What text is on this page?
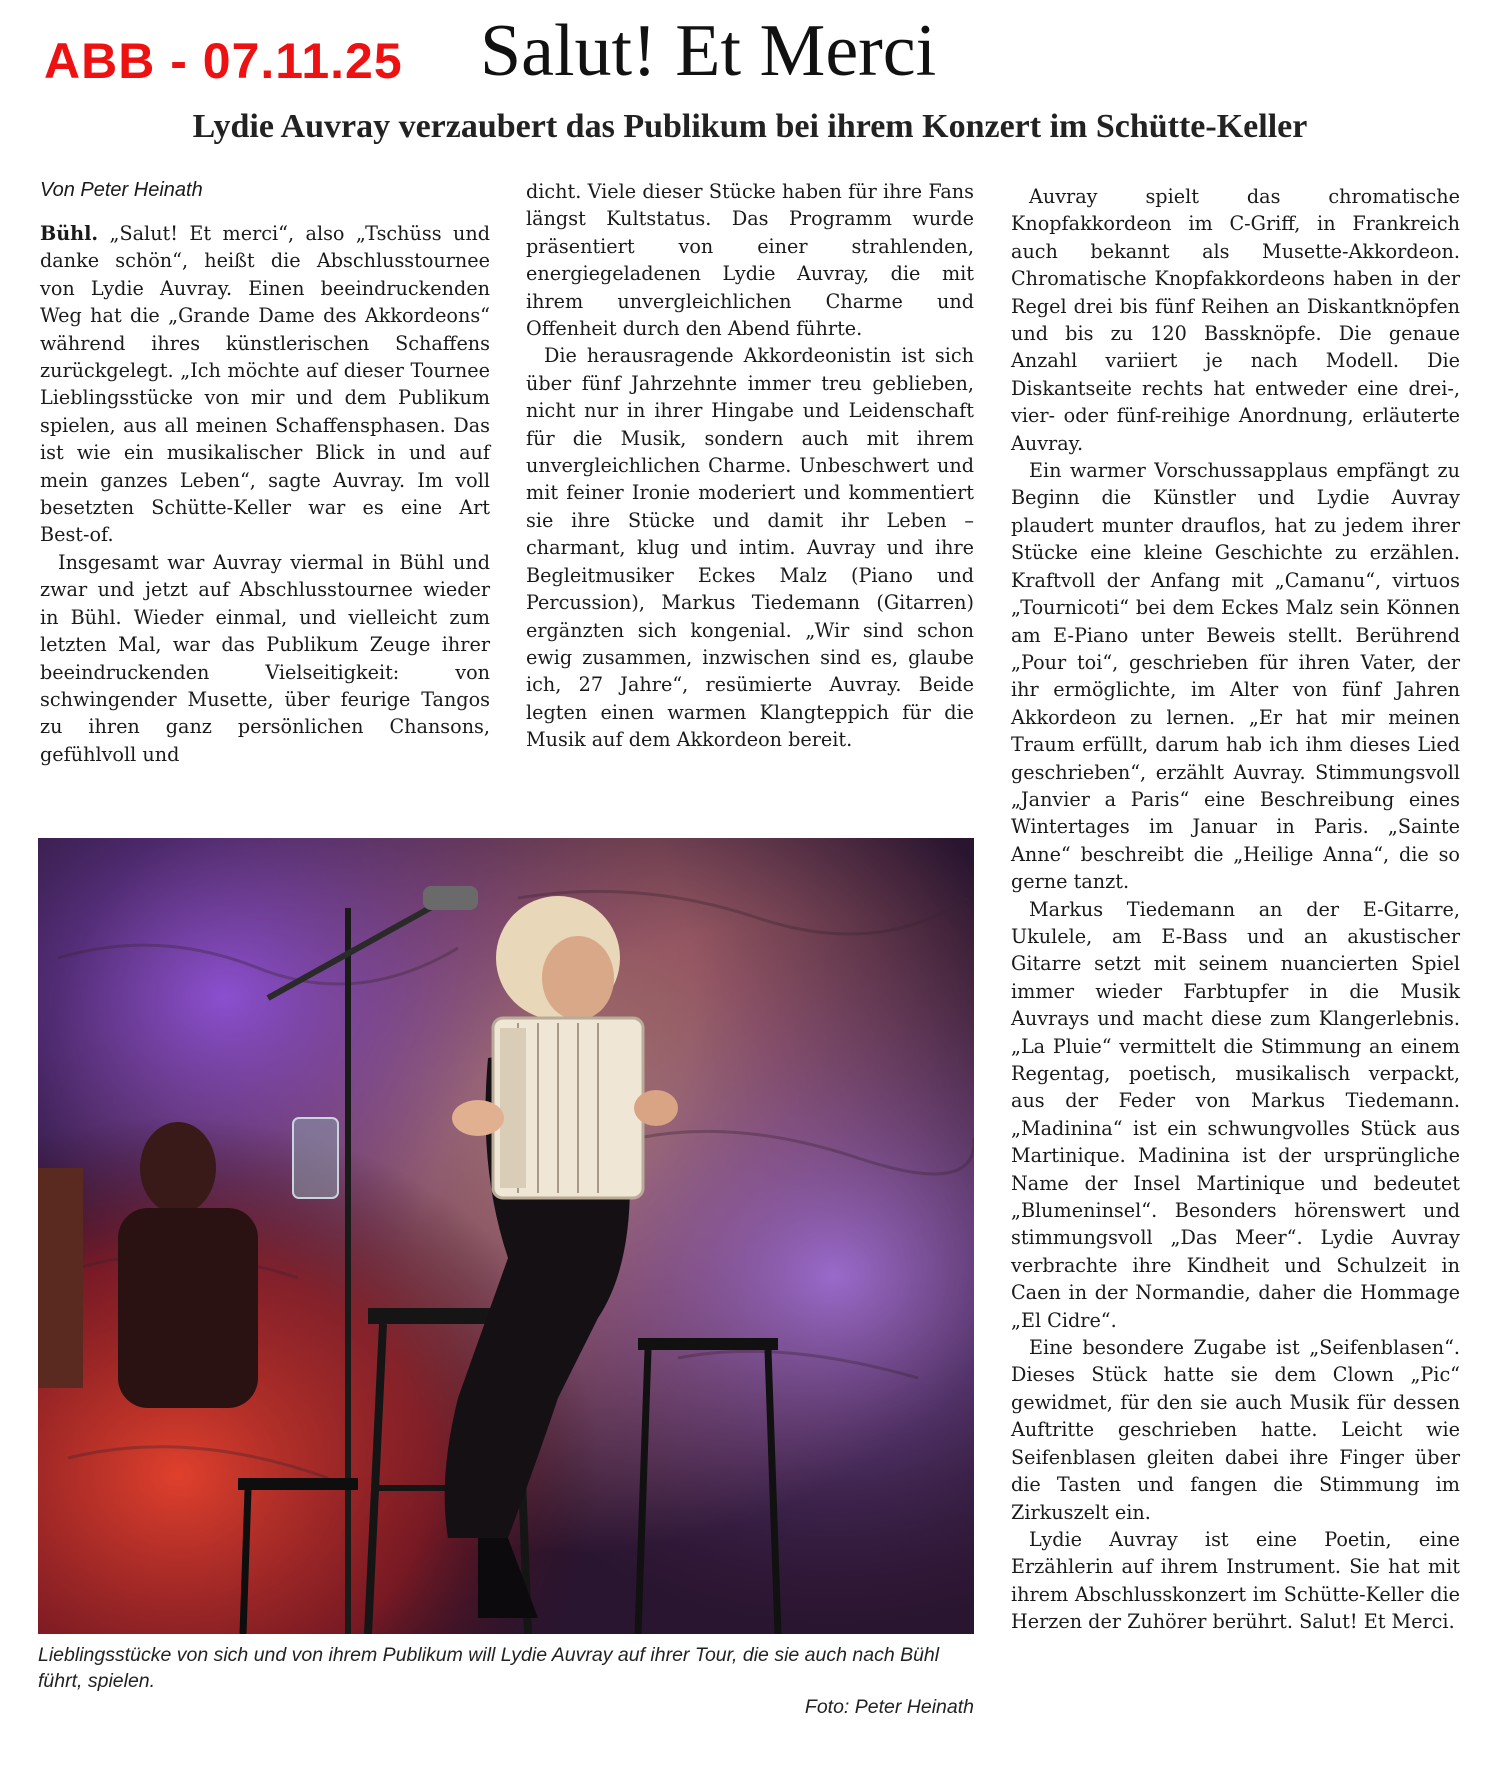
ABB - 07.11.25 Salut! Et Merci
Lydie Auvray verzaubert das Publikum bei ihrem Konzert im Schütte-Keller

Von Peter Heinath

Bühl. „Salut! Et merci“, also „Tschüss und danke schön“, heißt die Abschlusstournee von Lydie Auvray. Einen beeindruckenden Weg hat die „Grande Dame des Akkordeons“ während ihres künstlerischen Schaffens zurückgelegt. „Ich möchte auf dieser Tournee Lieblingsstücke von mir und dem Publikum spielen, aus all meinen Schaffensphasen. Das ist wie ein musikalischer Blick in und auf mein ganzes Leben“, sagte Auvray. Im voll besetzten Schütte-Keller war es eine Art Best-of.

Insgesamt war Auvray viermal in Bühl und zwar und jetzt auf Abschlusstournee wieder in Bühl. Wieder einmal, und vielleicht zum letzten Mal, war das Publikum Zeuge ihrer beeindruckenden Vielseitigkeit: von schwingender Musette, über feurige Tangos zu ihren ganz persönlichen Chansons, gefühlvoll und

dicht. Viele dieser Stücke haben für ihre Fans längst Kultstatus. Das Programm wurde präsentiert von einer strahlenden, energiegeladenen Lydie Auvray, die mit ihrem unvergleichlichen Charme und Offenheit durch den Abend führte.

Die herausragende Akkordeonistin ist sich über fünf Jahrzehnte immer treu geblieben, nicht nur in ihrer Hingabe und Leidenschaft für die Musik, sondern auch mit ihrem unvergleichlichen Charme. Unbeschwert und mit feiner Ironie moderiert und kommentiert sie ihre Stücke und damit ihr Leben – charmant, klug und intim. Auvray und ihre Begleitmusiker Eckes Malz (Piano und Percussion), Markus Tiedemann (Gitarren) ergänzten sich kongenial. „Wir sind schon ewig zusammen, inzwischen sind es, glaube ich, 27 Jahre“, resümierte Auvray. Beide legten einen warmen Klangteppich für die Musik auf dem Akkordeon bereit.

Auvray spielt das chromatische Knopfakkordeon im C-Griff, in Frankreich auch bekannt als Musette-Akkordeon. Chromatische Knopfakkordeons haben in der Regel drei bis fünf Reihen an Diskantknöpfen und bis zu 120 Bassknöpfe. Die genaue Anzahl variiert je nach Modell. Die Diskantseite rechts hat entweder eine drei-, vier- oder fünf-reihige Anordnung, erläuterte Auvray.

Ein warmer Vorschussapplaus empfängt zu Beginn die Künstler und Lydie Auvray plaudert munter drauflos, hat zu jedem ihrer Stücke eine kleine Geschichte zu erzählen. Kraftvoll der Anfang mit „Camanu“, virtuos „Tournicoti“ bei dem Eckes Malz sein Können am E-Piano unter Beweis stellt. Berührend „Pour toi“, geschrieben für ihren Vater, der ihr ermöglichte, im Alter von fünf Jahren Akkordeon zu lernen. „Er hat mir meinen Traum erfüllt, darum hab ich ihm dieses Lied geschrieben“, erzählt Auvray. Stimmungsvoll „Janvier a Paris“ eine Beschreibung eines Wintertages im Januar in Paris. „Sainte Anne“ beschreibt die „Heilige Anna“, die so gerne tanzt.

Markus Tiedemann an der E-Gitarre, Ukulele, am E-Bass und an akustischer Gitarre setzt mit seinem nuancierten Spiel immer wieder Farbtupfer in die Musik Auvrays und macht diese zum Klangerlebnis. „La Pluie“ vermittelt die Stimmung an einem Regentag, poetisch, musikalisch verpackt, aus der Feder von Markus Tiedemann. „Madinina“ ist ein schwungvolles Stück aus Martinique. Madinina ist der ursprüngliche Name der Insel Martinique und bedeutet „Blumeninsel“. Besonders hörenswert und stimmungsvoll „Das Meer“. Lydie Auvray verbrachte ihre Kindheit und Schulzeit in Caen in der Normandie, daher die Hommage „El Cidre“.

Eine besondere Zugabe ist „Seifenblasen“. Dieses Stück hatte sie dem Clown „Pic“ gewidmet, für den sie auch Musik für dessen Auftritte geschrieben hatte. Leicht wie Seifenblasen gleiten dabei ihre Finger über die Tasten und fangen die Stimmung im Zirkuszelt ein.

Lydie Auvray ist eine Poetin, eine Erzählerin auf ihrem Instrument. Sie hat mit ihrem Abschlusskonzert im Schütte-Keller die Herzen der Zuhörer berührt. Salut! Et Merci.

Lieblingsstücke von sich und von ihrem Publikum will Lydie Auvray auf ihrer Tour, die sie auch nach Bühl führt, spielen.
Foto: Peter Heinath
